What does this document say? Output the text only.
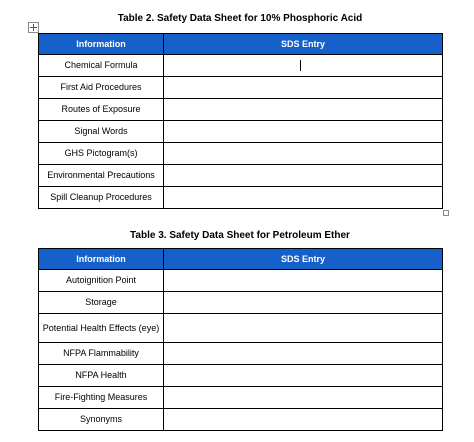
Table 2. Safety Data Sheet for 10% Phosphoric Acid
Information	SDS Entry
Chemical Formula	

First Aid Procedures	
Routes of Exposure	
Signal Words	
GHS Pictogram(s)	
Environmental Precautions	
Spill Cleanup Procedures	
Table 3. Safety Data Sheet for Petroleum Ether
Information	SDS Entry
Autoignition Point	
Storage	
Potential Health Effects (eye)	
NFPA Flammability	
NFPA Health	
Fire-Fighting Measures	
Synonyms	
